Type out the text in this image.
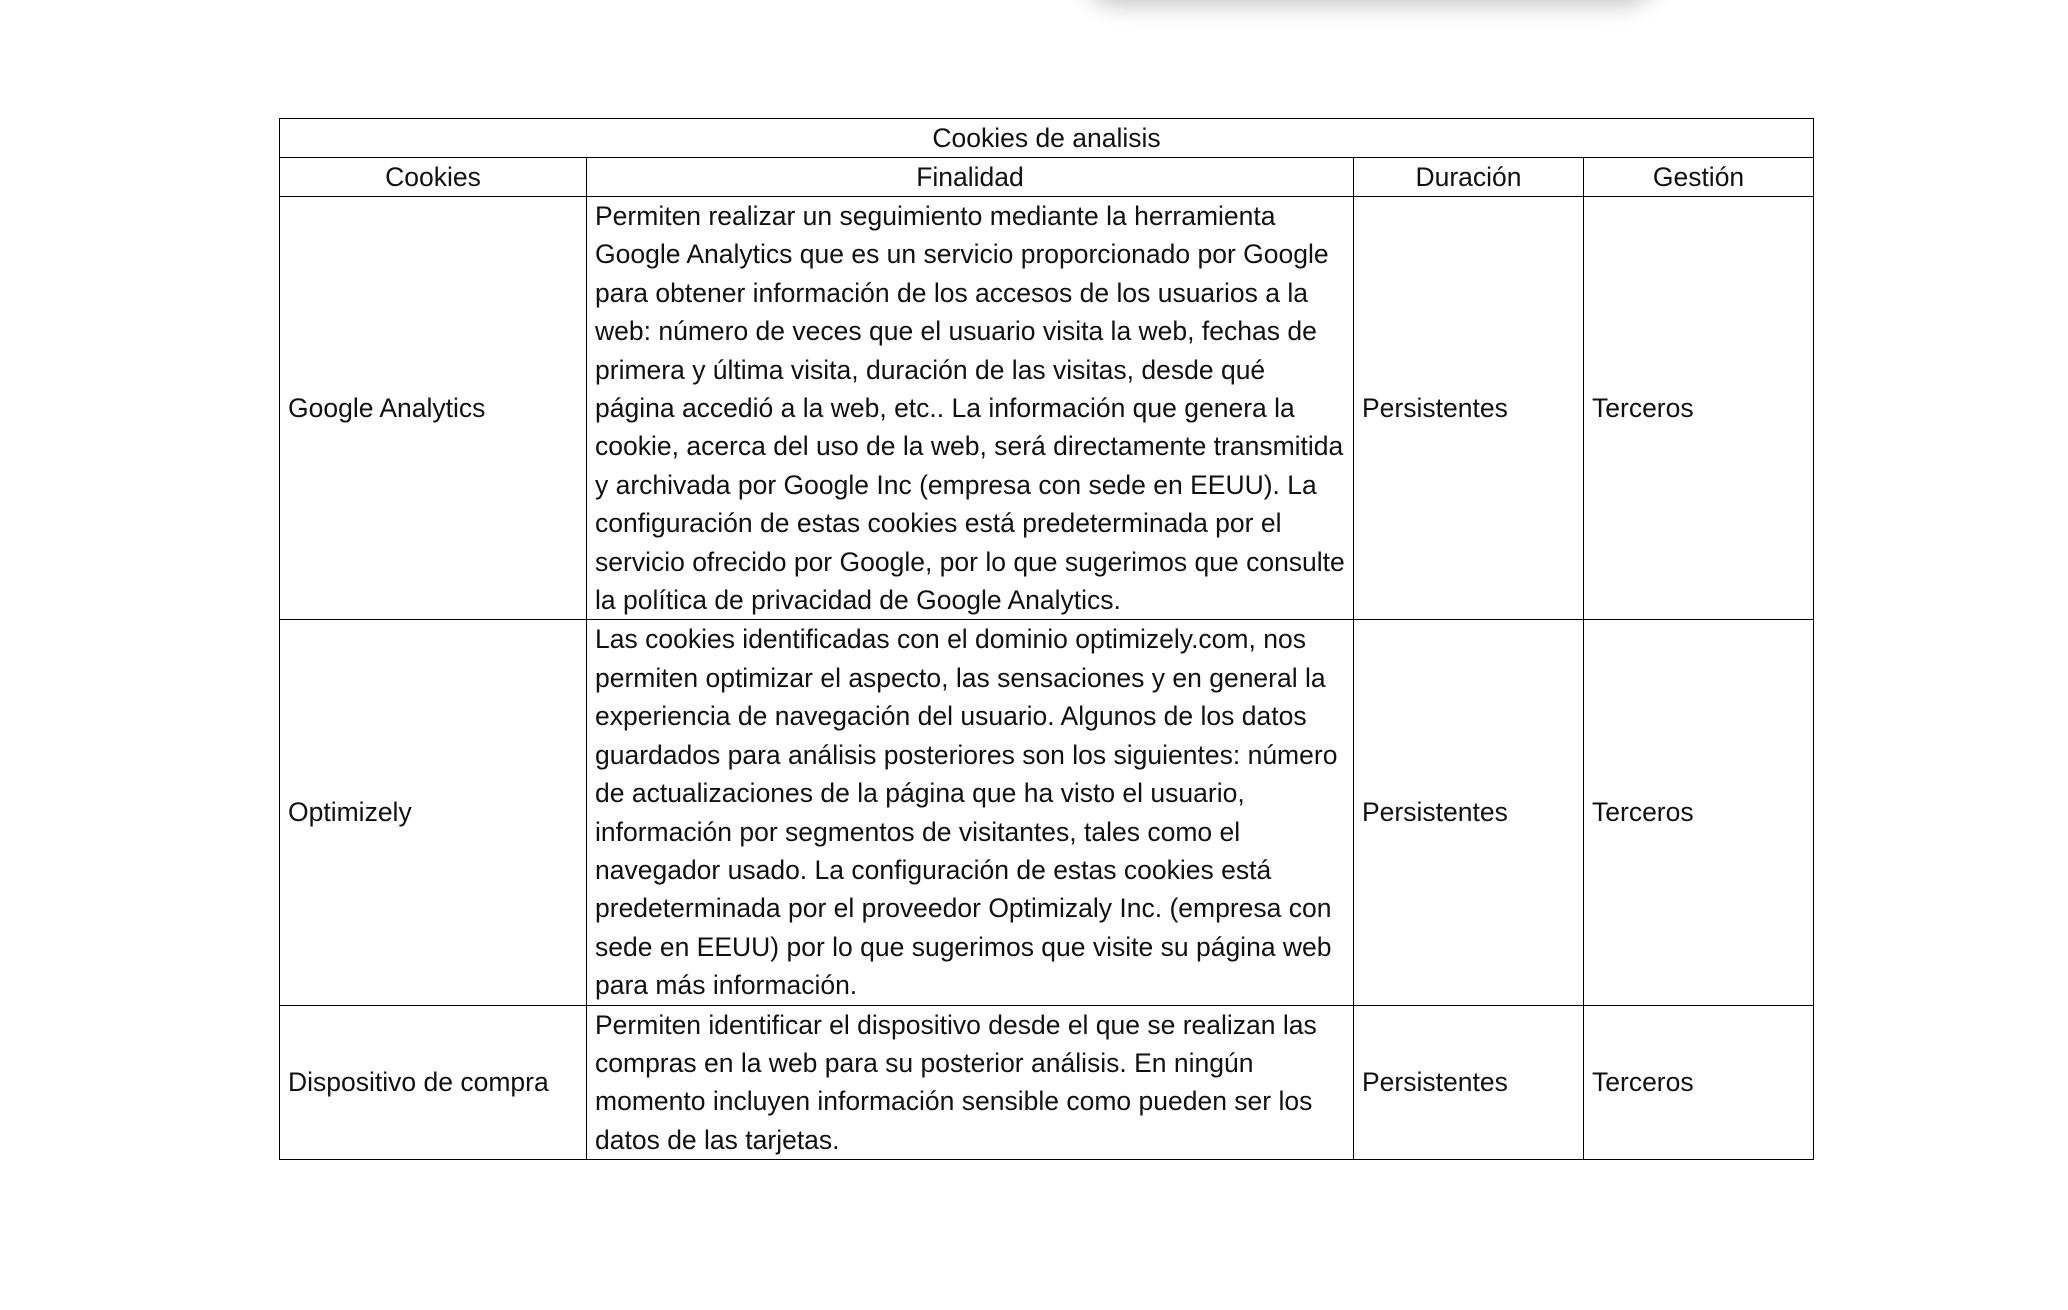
Cookies de analisis			
Cookies	Finalidad	Duración	Gestión
Google Analytics	Permiten realizar un seguimiento mediante la herramienta Google Analytics que es un servicio proporcionado por Google para obtener información de los accesos de los usuarios a la web: número de veces que el usuario visita la web, fechas de primera y última visita, duración de las visitas, desde qué página accedió a la web, etc.. La información que genera la cookie, acerca del uso de la web, será directamente transmitida y archivada por Google Inc (empresa con sede en EEUU). La configuración de estas cookies está predeterminada por el servicio ofrecido por Google, por lo que sugerimos que consulte la política de privacidad de Google Analytics.	Persistentes	Terceros
Optimizely	Las cookies identificadas con el dominio optimizely.com, nos permiten optimizar el aspecto, las sensaciones y en general la experiencia de navegación del usuario. Algunos de los datos guardados para análisis posteriores son los siguientes: número de actualizaciones de la página que ha visto el usuario, información por segmentos de visitantes, tales como el navegador usado. La configuración de estas cookies está predeterminada por el proveedor Optimizaly Inc. (empresa con sede en EEUU) por lo que sugerimos que visite su página web para más información.	Persistentes	Terceros
Dispositivo de compra	Permiten identificar el dispositivo desde el que se realizan las compras en la web para su posterior análisis. En ningún momento incluyen información sensible como pueden ser los datos de las tarjetas.	Persistentes	Terceros
